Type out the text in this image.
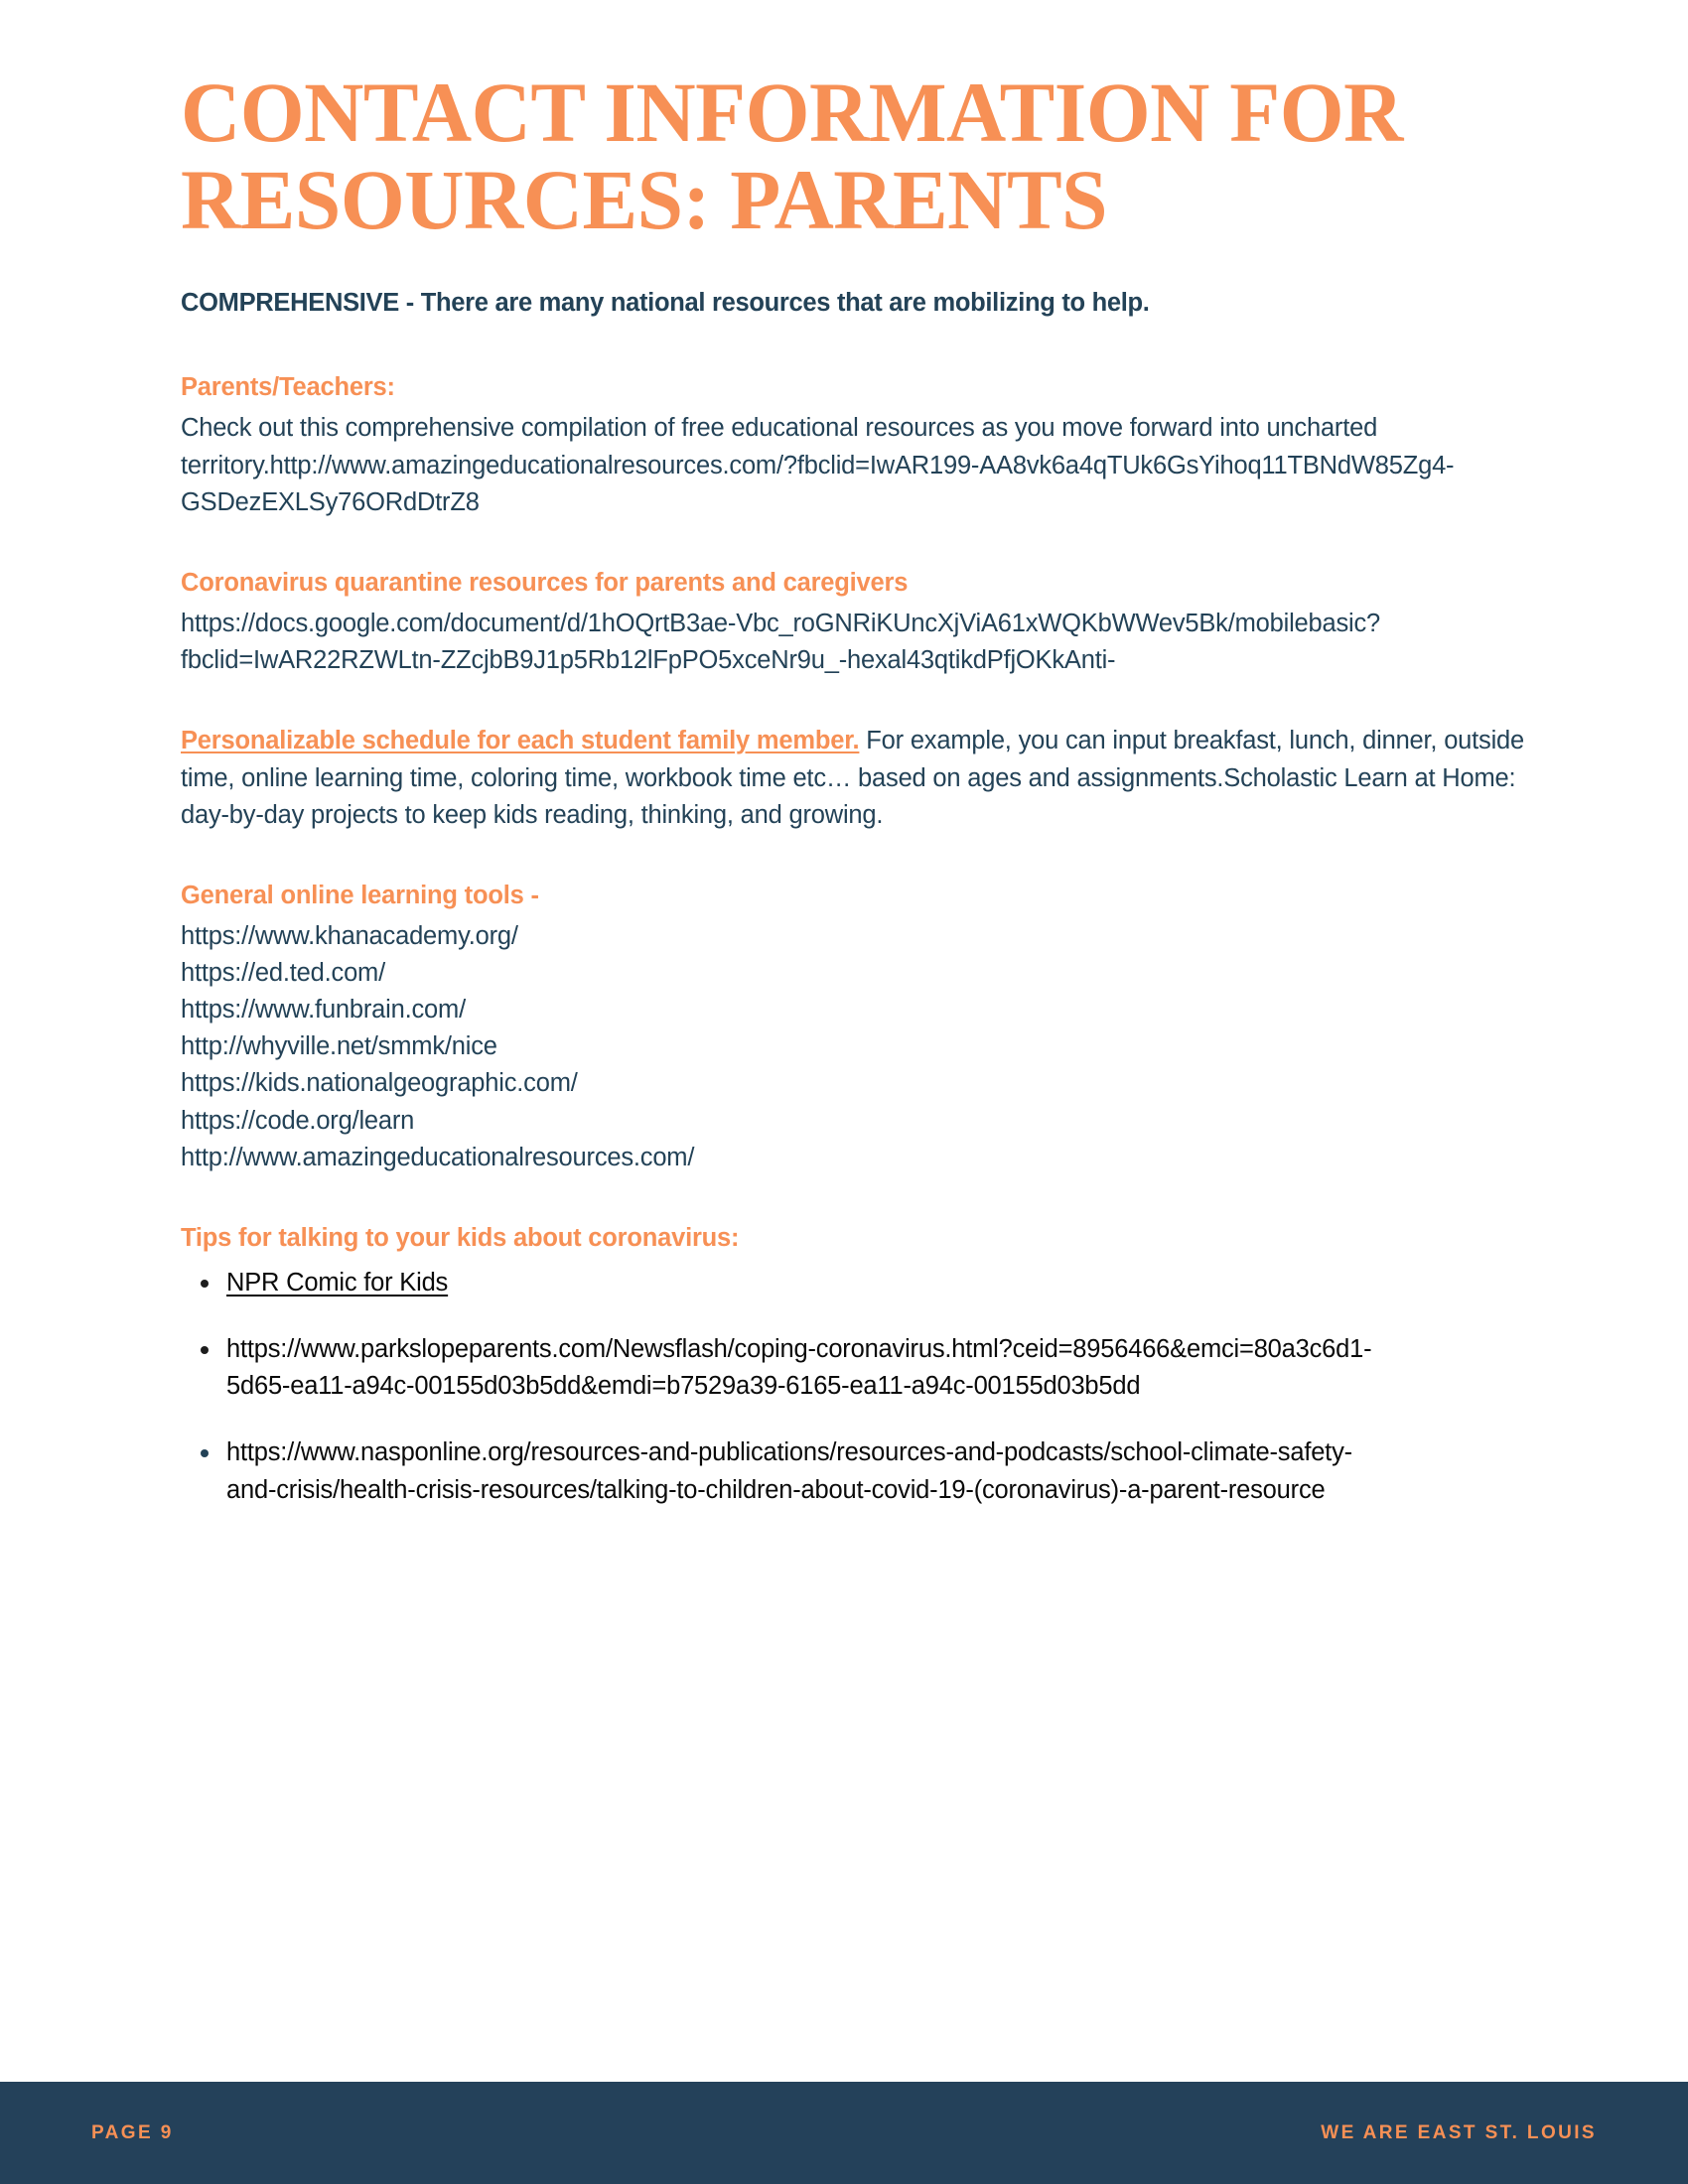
CONTACT INFORMATION FOR RESOURCES: PARENTS

COMPREHENSIVE - There are many national resources that are mobilizing to help.

Parents/Teachers:

Check out this comprehensive compilation of free educational resources as you move forward into uncharted territory.http://www.amazingeducationalresources.com/?fbclid=IwAR199-AA8vk6a4qTUk6GsYihoq11TBNdW85Zg4-GSDezEXLSy76ORdDtrZ8

Coronavirus quarantine resources for parents and caregivers

https://docs.google.com/document/d/1hOQrtB3ae-Vbc_roGNRiKUncXjViA61xWQKbWWev5Bk/mobilebasic?fbclid=IwAR22RZWLtn-ZZcjbB9J1p5Rb12lFpPO5xceNr9u_-hexal43qtikdPfjOKkAnti-

Personalizable schedule for each student family member. For example, you can input breakfast, lunch, dinner, outside time, online learning time, coloring time, workbook time etc… based on ages and assignments.Scholastic Learn at Home: day-by-day projects to keep kids reading, thinking, and growing.

General online learning tools -
https://www.khanacademy.org/
https://ed.ted.com/
https://www.funbrain.com/
http://whyville.net/smmk/nice
https://kids.nationalgeographic.com/
https://code.org/learn
http://www.amazingeducationalresources.com/
Tips for talking to your kids about coronavirus:
NPR Comic for Kids
https://www.parkslopeparents.com/Newsflash/coping-coronavirus.html?ceid=8956466&emci=80a3c6d1-5d65-ea11-a94c-00155d03b5dd&emdi=b7529a39-6165-ea11-a94c-00155d03b5dd
https://www.nasponline.org/resources-and-publications/resources-and-podcasts/school-climate-safety-and-crisis/health-crisis-resources/talking-to-children-about-covid-19-(coronavirus)-a-parent-resource
PAGE 9	WE ARE EAST ST. LOUIS
